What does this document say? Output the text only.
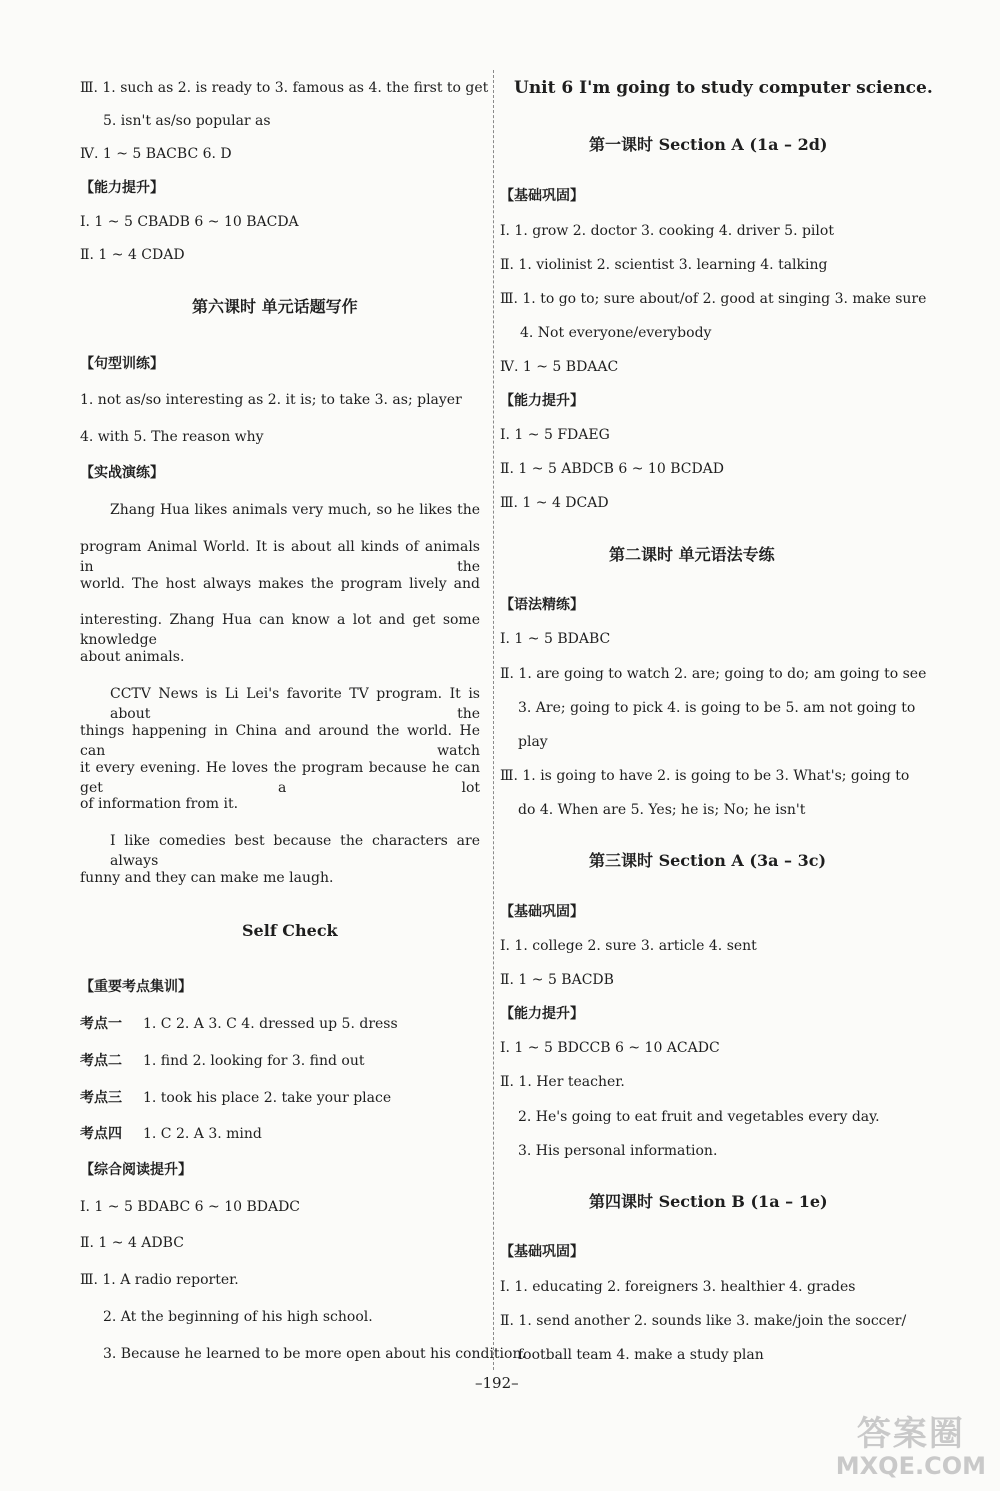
Ⅲ. 1. such as 2. is ready to 3. famous as 4. the first to get
5. isn't as/so popular as
Ⅳ. 1 ~ 5 BACBC 6. D
【能力提升】
Ⅰ. 1 ~ 5 CBADB 6 ~ 10 BACDA
Ⅱ. 1 ~ 4 CDAD
第六课时 单元话题写作
【句型训练】
1. not as/so interesting as 2. it is; to take 3. as; player
4. with 5. The reason why
【实战演练】
Zhang Hua likes animals very much, so he likes the
program Animal World. It is about all kinds of animals in the
world. The host always makes the program lively and
interesting. Zhang Hua can know a lot and get some knowledge
about animals.
CCTV News is Li Lei's favorite TV program. It is about the
things happening in China and around the world. He can watch
it every evening. He loves the program because he can get a lot
of information from it.
I like comedies best because the characters are always
funny and they can make me laugh.
Self Check
【重要考点集训】
考点一 1. C 2. A 3. C 4. dressed up 5. dress
考点二 1. find 2. looking for 3. find out
考点三 1. took his place 2. take your place
考点四 1. C 2. A 3. mind
【综合阅读提升】
Ⅰ. 1 ~ 5 BDABC 6 ~ 10 BDADC
Ⅱ. 1 ~ 4 ADBC
Ⅲ. 1. A radio reporter.
2. At the beginning of his high school.
3. Because he learned to be more open about his condition.
Unit 6 I'm going to study computer science.
第一课时 Section A (1a – 2d)
【基础巩固】
Ⅰ. 1. grow 2. doctor 3. cooking 4. driver 5. pilot
Ⅱ. 1. violinist 2. scientist 3. learning 4. talking
Ⅲ. 1. to go to; sure about/of 2. good at singing 3. make sure
4. Not everyone/everybody
Ⅳ. 1 ~ 5 BDAAC
【能力提升】
Ⅰ. 1 ~ 5 FDAEG
Ⅱ. 1 ~ 5 ABDCB 6 ~ 10 BCDAD
Ⅲ. 1 ~ 4 DCAD
第二课时 单元语法专练
【语法精练】
Ⅰ. 1 ~ 5 BDABC
Ⅱ. 1. are going to watch 2. are; going to do; am going to see
3. Are; going to pick 4. is going to be 5. am not going to
play
Ⅲ. 1. is going to have 2. is going to be 3. What's; going to
do 4. When are 5. Yes; he is; No; he isn't
第三课时 Section A (3a – 3c)
【基础巩固】
Ⅰ. 1. college 2. sure 3. article 4. sent
Ⅱ. 1 ~ 5 BACDB
【能力提升】
Ⅰ. 1 ~ 5 BDCCB 6 ~ 10 ACADC
Ⅱ. 1. Her teacher.
2. He's going to eat fruit and vegetables every day.
3. His personal information.
第四课时 Section B (1a – 1e)
【基础巩固】
Ⅰ. 1. educating 2. foreigners 3. healthier 4. grades
Ⅱ. 1. send another 2. sounds like 3. make/join the soccer/
football team 4. make a study plan
–192–
答案圈
MXQE.COM
